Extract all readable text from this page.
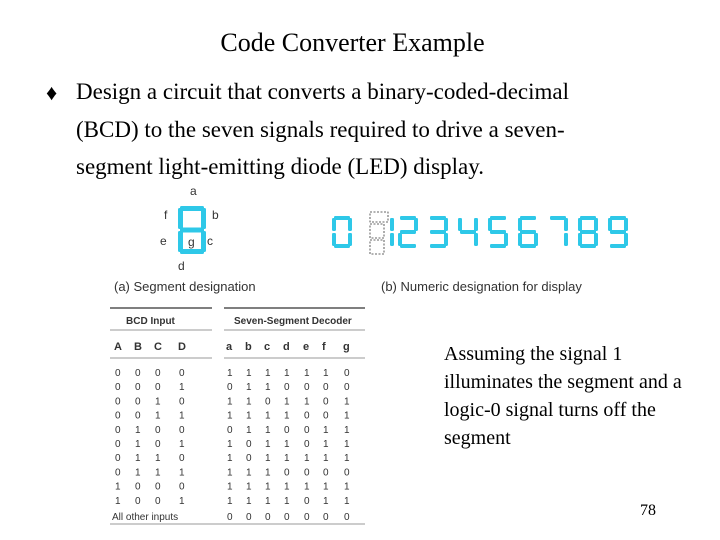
Code Converter Example
♦ Design a circuit that converts a binary-coded-decimal
(BCD) to the seven signals required to drive a seven-
segment light-emitting diode (LED) display.
a
b
c
d
e
f
g
(a) Segment designation	(b) Numeric designation for display
BCD Input	Seven-Segment Decoder
A B C D	a b c d e f g
0 0 0 0	1 1 1 1 1 1 0
0 0 0 1	0 1 1 0 0 0 0
0 0 1 0	1 1 0 1 1 0 1
0 0 1 1	1 1 1 1 0 0 1
0 1 0 0	0 1 1 0 0 1 1
0 1 0 1	1 0 1 1 0 1 1
0 1 1 0	1 0 1 1 1 1 1
0 1 1 1	1 1 1 0 0 0 0
1 0 0 0	1 1 1 1 1 1 1
1 0 0 1	1 1 1 1 0 1 1
All other inputs	0 0 0 0 0 0 0
Assuming the signal 1 illuminates the segment and a logic-0 signal turns off the segment
78
